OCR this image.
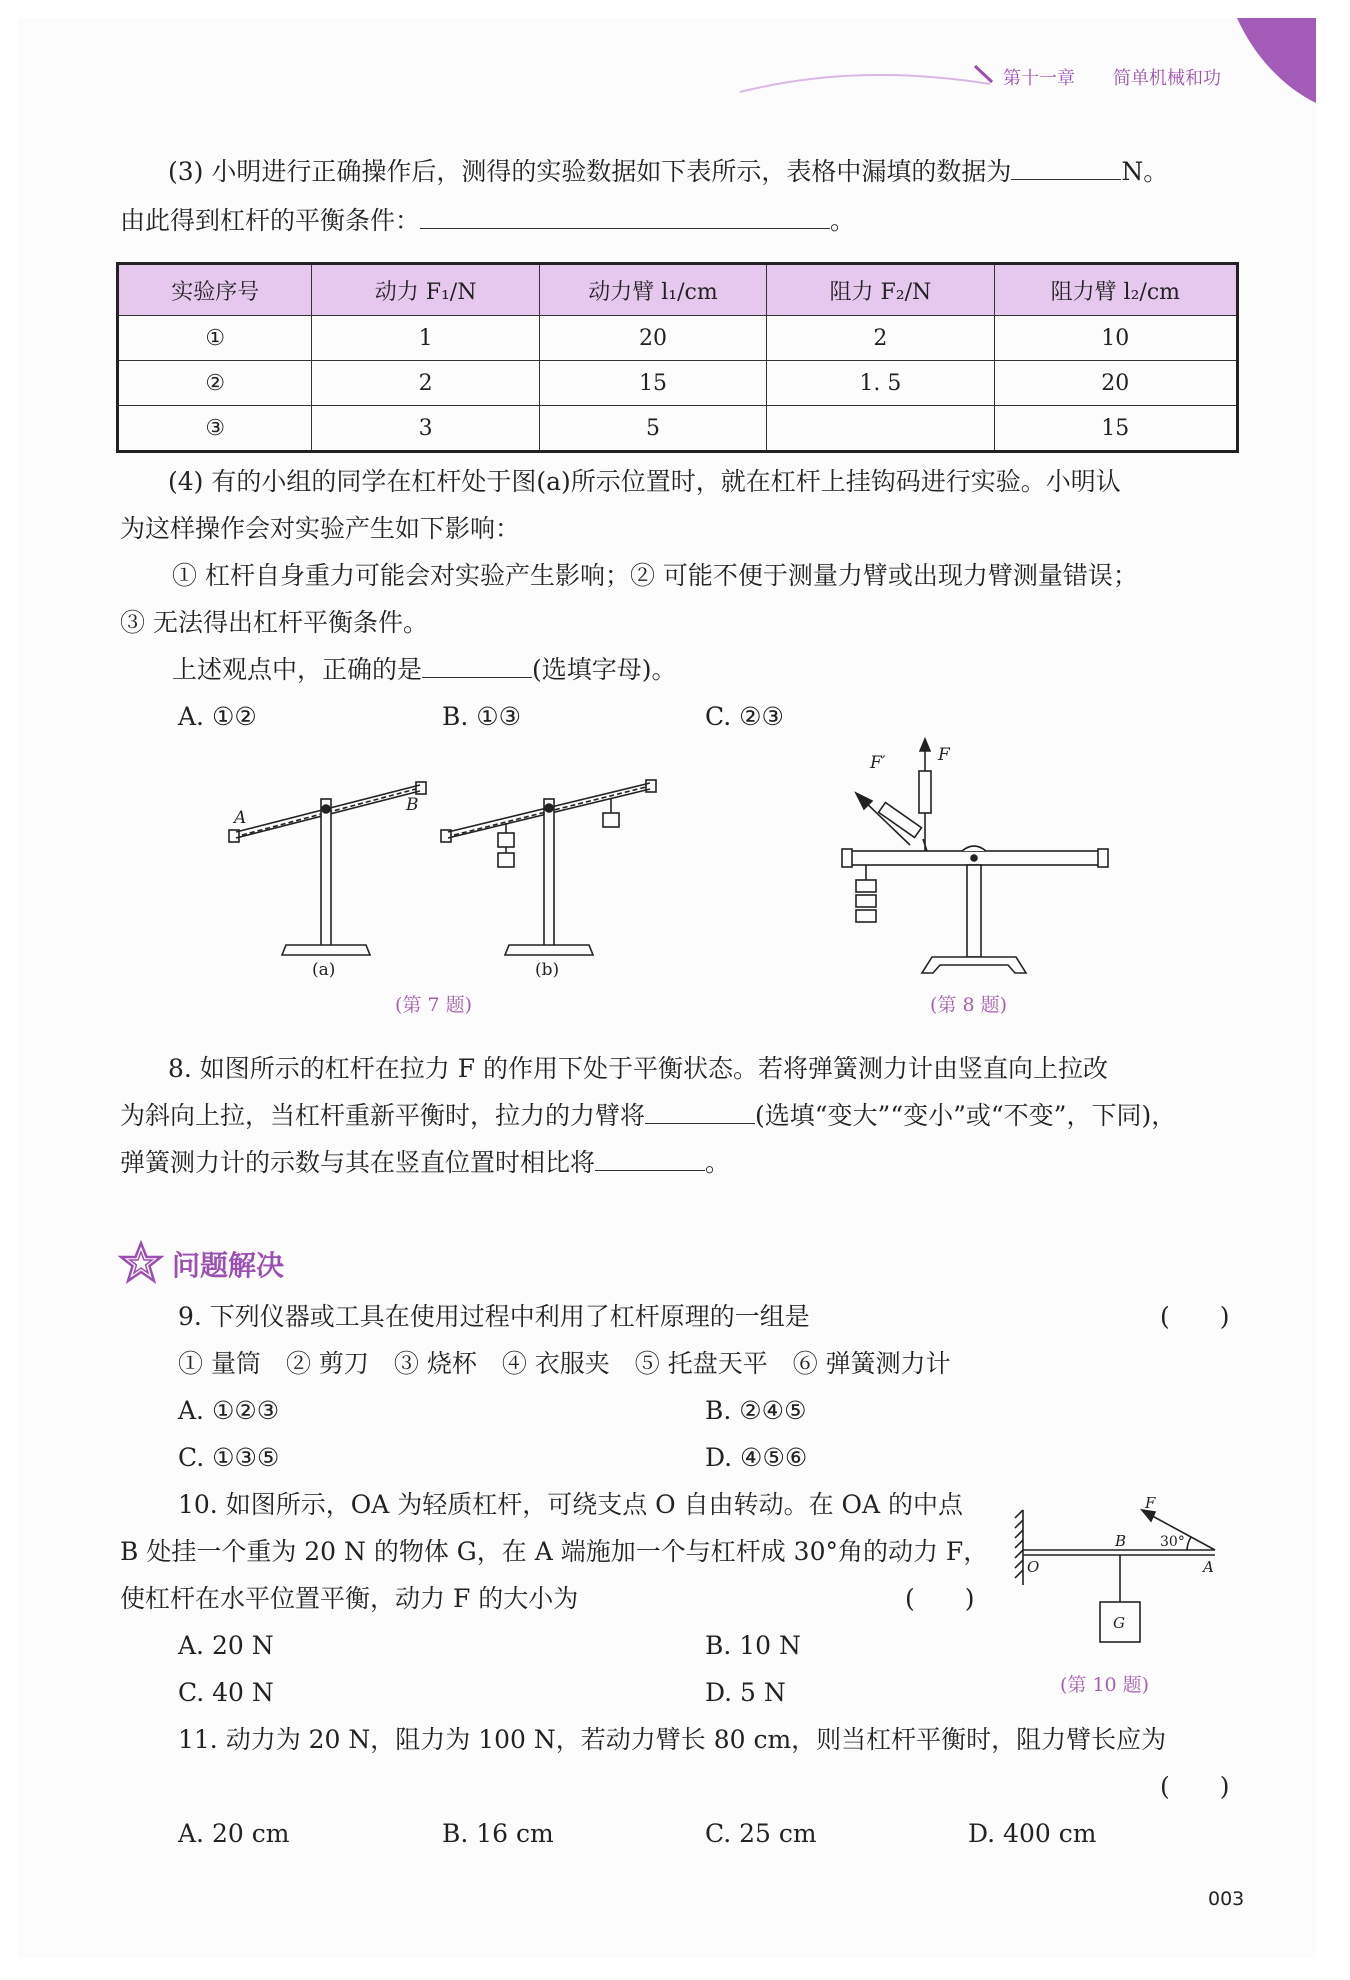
第十一章 简单机械和功
(3) 小明进行正确操作后，测得的实验数据如下表所示，表格中漏填的数据为	N。
由此得到杠杆的平衡条件：	。
实验序号	动力 F₁/N	动力臂 l₁/cm	阻力 F₂/N	阻力臂 l₂/cm
①	1	20	2	10
②	2	15	1. 5	20
③	3	5		15
(4) 有的小组的同学在杠杆处于图(a)所示位置时，就在杠杆上挂钩码进行实验。小明认
为这样操作会对实验产生如下影响：
① 杠杆自身重力可能会对实验产生影响；② 可能不便于测量力臂或出现力臂测量错误；
③ 无法得出杠杆平衡条件。
上述观点中，正确的是	(选填字母)。
A. ①②	B. ①③	C. ②③
A
B
(a)	(b)
(第 7 题)
F
F′
(第 8 题)
8. 如图所示的杠杆在拉力 F 的作用下处于平衡状态。若将弹簧测力计由竖直向上拉改
为斜向上拉，当杠杆重新平衡时，拉力的力臂将	(选填“变大”“变小”或“不变”，下同)，
弹簧测力计的示数与其在竖直位置时相比将	。
问题解决
9. 下列仪器或工具在使用过程中利用了杠杆原理的一组是	(　　)
① 量筒　② 剪刀　③ 烧杯　④ 衣服夹　⑤ 托盘天平　⑥ 弹簧测力计
A. ①②③	B. ②④⑤
C. ①③⑤	D. ④⑤⑥
10. 如图所示，OA 为轻质杠杆，可绕支点 O 自由转动。在 OA 的中点
B 处挂一个重为 20 N 的物体 G，在 A 端施加一个与杠杆成 30°角的动力 F，
使杠杆在水平位置平衡，动力 F 的大小为	(　　)
A. 20 N	B. 10 N
C. 40 N	D. 5 N
F
B 30°
O	A
G
(第 10 题)
11. 动力为 20 N，阻力为 100 N，若动力臂长 80 cm，则当杠杆平衡时，阻力臂长应为
(　　)
A. 20 cm	B. 16 cm	C. 25 cm	D. 400 cm
003
